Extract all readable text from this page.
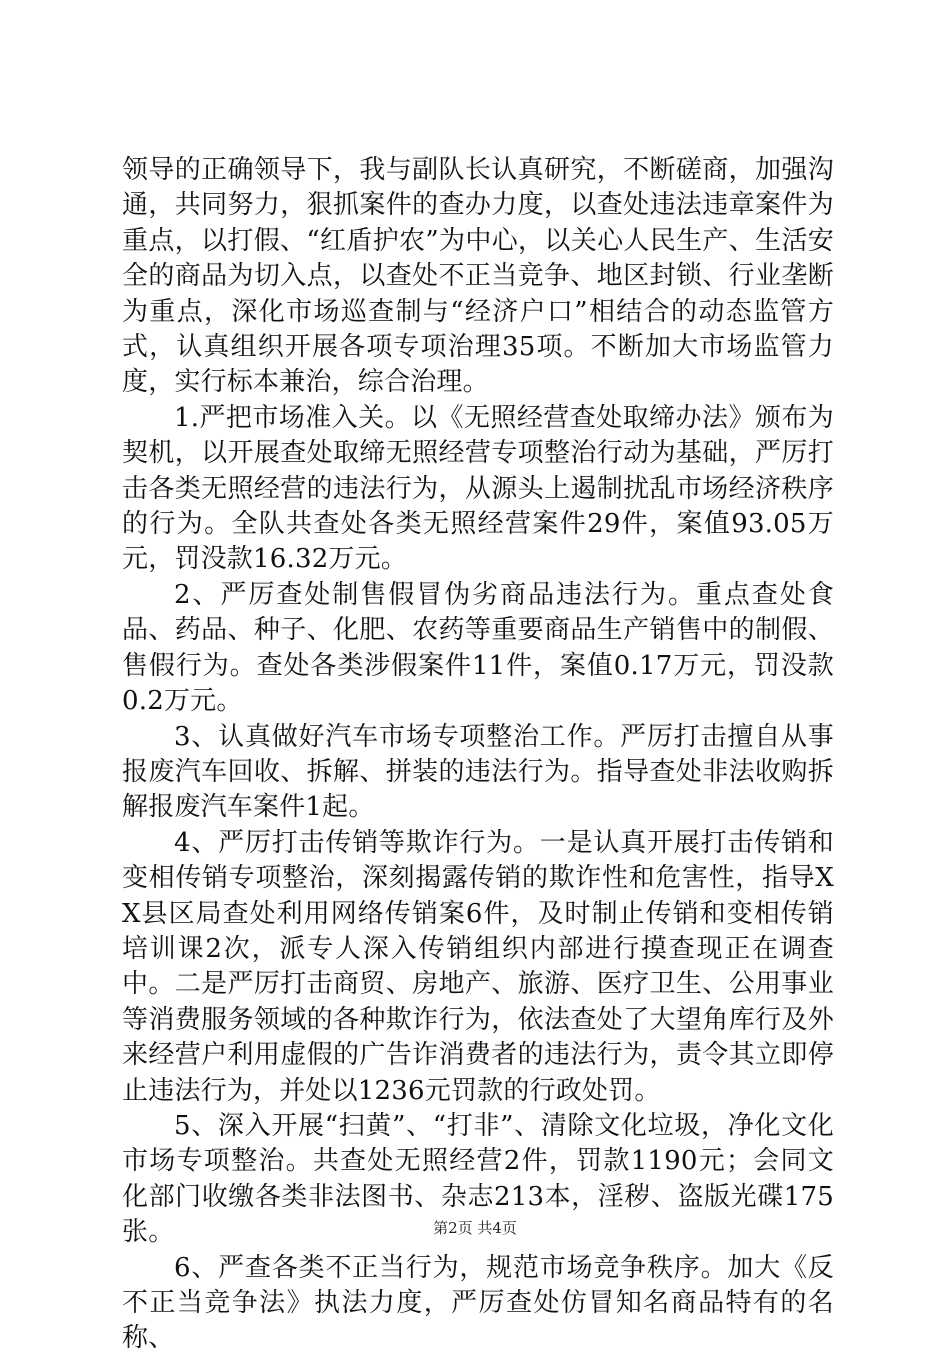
领导的正确领导下，我与副队长认真研究，不断磋商，加强沟通，共同努力，狠抓案件的查办力度，以查处违法违章案件为重点，以打假、“红盾护农”为中心，以关心人民生产、生活安全的商品为切入点，以查处不正当竞争、地区封锁、行业垄断为重点，深化市场巡查制与“经济户口”相结合的动态监管方式，认真组织开展各项专项治理35项。不断加大市场监管力度，实行标本兼治，综合治理。

1.严把市场准入关。以《无照经营查处取缔办法》颁布为契机，以开展查处取缔无照经营专项整治行动为基础，严厉打击各类无照经营的违法行为，从源头上遏制扰乱市场经济秩序的行为。全队共查处各类无照经营案件29件，案值93.05万元，罚没款16.32万元。

2、严厉查处制售假冒伪劣商品违法行为。重点查处食品、药品、种子、化肥、农药等重要商品生产销售中的制假、售假行为。查处各类涉假案件11件，案值0.17万元，罚没款0.2万元。

3、认真做好汽车市场专项整治工作。严厉打击擅自从事报废汽车回收、拆解、拼装的违法行为。指导查处非法收购拆解报废汽车案件1起。

4、严厉打击传销等欺诈行为。一是认真开展打击传销和变相传销专项整治，深刻揭露传销的欺诈性和危害性，指导XX县区局查处利用网络传销案6件，及时制止传销和变相传销培训课2次，派专人深入传销组织内部进行摸查现正在调查中。二是严厉打击商贸、房地产、旅游、医疗卫生、公用事业等消费服务领域的各种欺诈行为，依法查处了大望角库行及外来经营户利用虚假的广告诈消费者的违法行为，责令其立即停止违法行为，并处以1236元罚款的行政处罚。

5、深入开展“扫黄”、“打非”、清除文化垃圾，净化文化市场专项整治。共查处无照经营2件，罚款1190元；会同文化部门收缴各类非法图书、杂志213本，淫秽、盗版光碟175张。

6、严查各类不正当行为，规范市场竞争秩序。加大《反不正当竞争法》执法力度，严厉查处仿冒知名商品特有的名称、

第2页 共4页
